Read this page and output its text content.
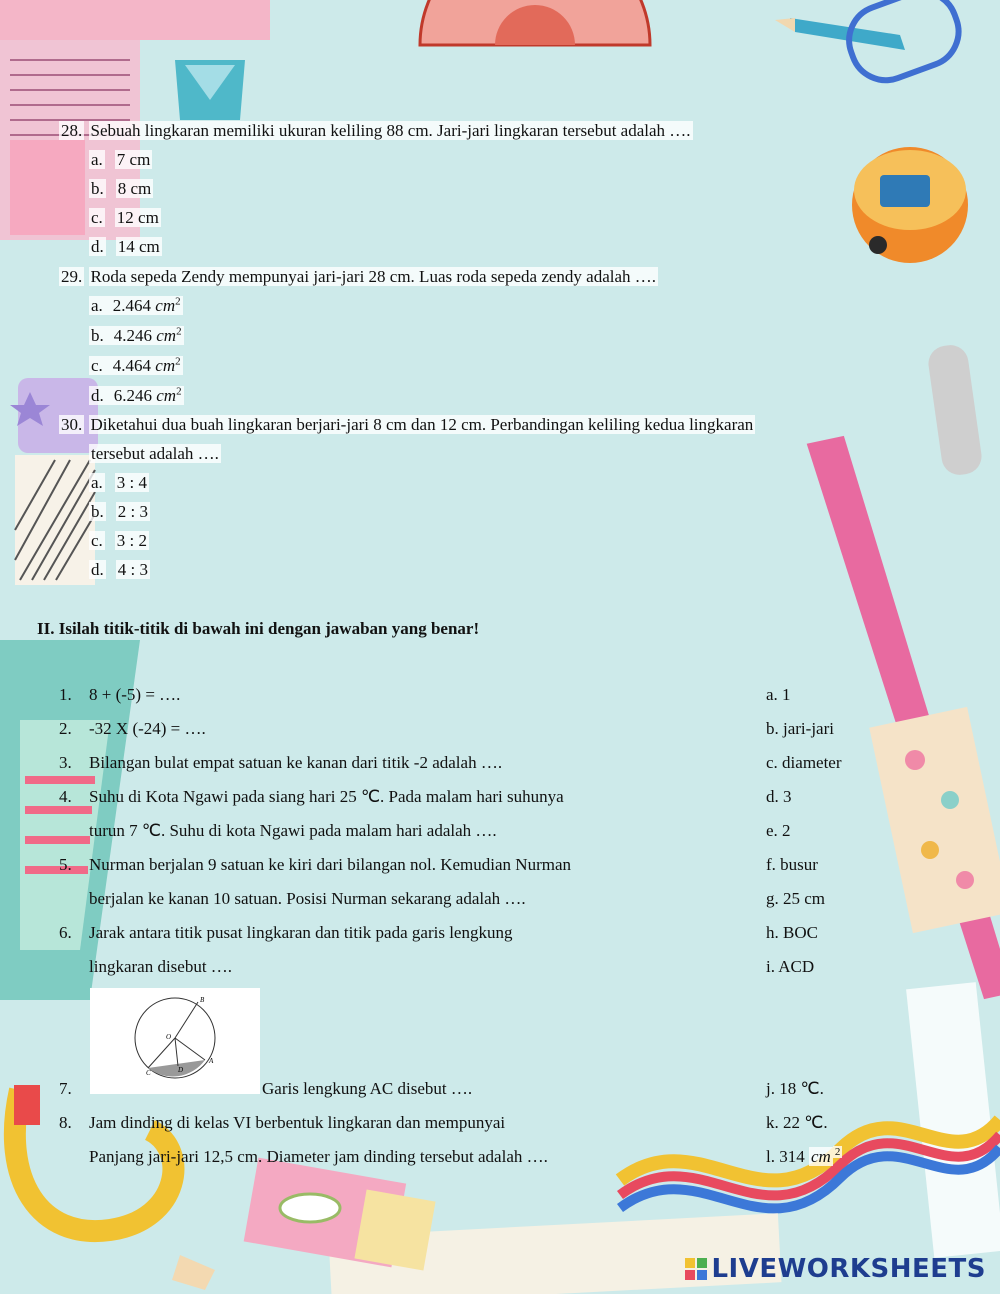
28. Sebuah lingkaran memiliki ukuran keliling 88 cm. Jari-jari lingkaran tersebut adalah ….
a. 7 cm
b. 8 cm
c. 12 cm
d. 14 cm
29. Roda sepeda Zendy mempunyai jari-jari 28 cm. Luas roda sepeda zendy adalah ….
a. 2.464 $cm^2$
b. 4.246 $cm^2$
c. 4.464 $cm^2$
d. 6.246 $cm^2$
30. Diketahui dua buah lingkaran berjari-jari 8 cm dan 12 cm. Perbandingan keliling kedua lingkaran
tersebut adalah ….
a. 3 : 4
b. 2 : 3
c. 3 : 2
d. 4 : 3
II. Isilah titik-titik di bawah ini dengan jawaban yang benar!
1. 8 + (-5) = ….
2. -32 X (-24) = ….
3. Bilangan bulat empat satuan ke kanan dari titik -2 adalah ….
4. Suhu di Kota Ngawi pada siang hari 25 ℃. Pada malam hari suhunya
turun 7 ℃. Suhu di kota Ngawi pada malam hari adalah ….
5. Nurman berjalan 9 satuan ke kiri dari bilangan nol. Kemudian Nurman
berjalan ke kanan 10 satuan. Posisi Nurman sekarang adalah ….
6. Jarak antara titik pusat lingkaran dan titik pada garis lengkung
lingkaran disebut ….
B
O
A
C	D
7.	Garis lengkung AC disebut ….
8. Jam dinding di kelas VI berbentuk lingkaran dan mempunyai
Panjang jari-jari 12,5 cm. Diameter jam dinding tersebut adalah ….
a. 1
b. jari-jari
c. diameter
d. 3
e. 2
f. busur
g. 25 cm
h. BOC
i. ACD
j. 18 ℃.
k. 22 ℃.
l. 314 cm $^2$
LIVEWORKSHEETS
